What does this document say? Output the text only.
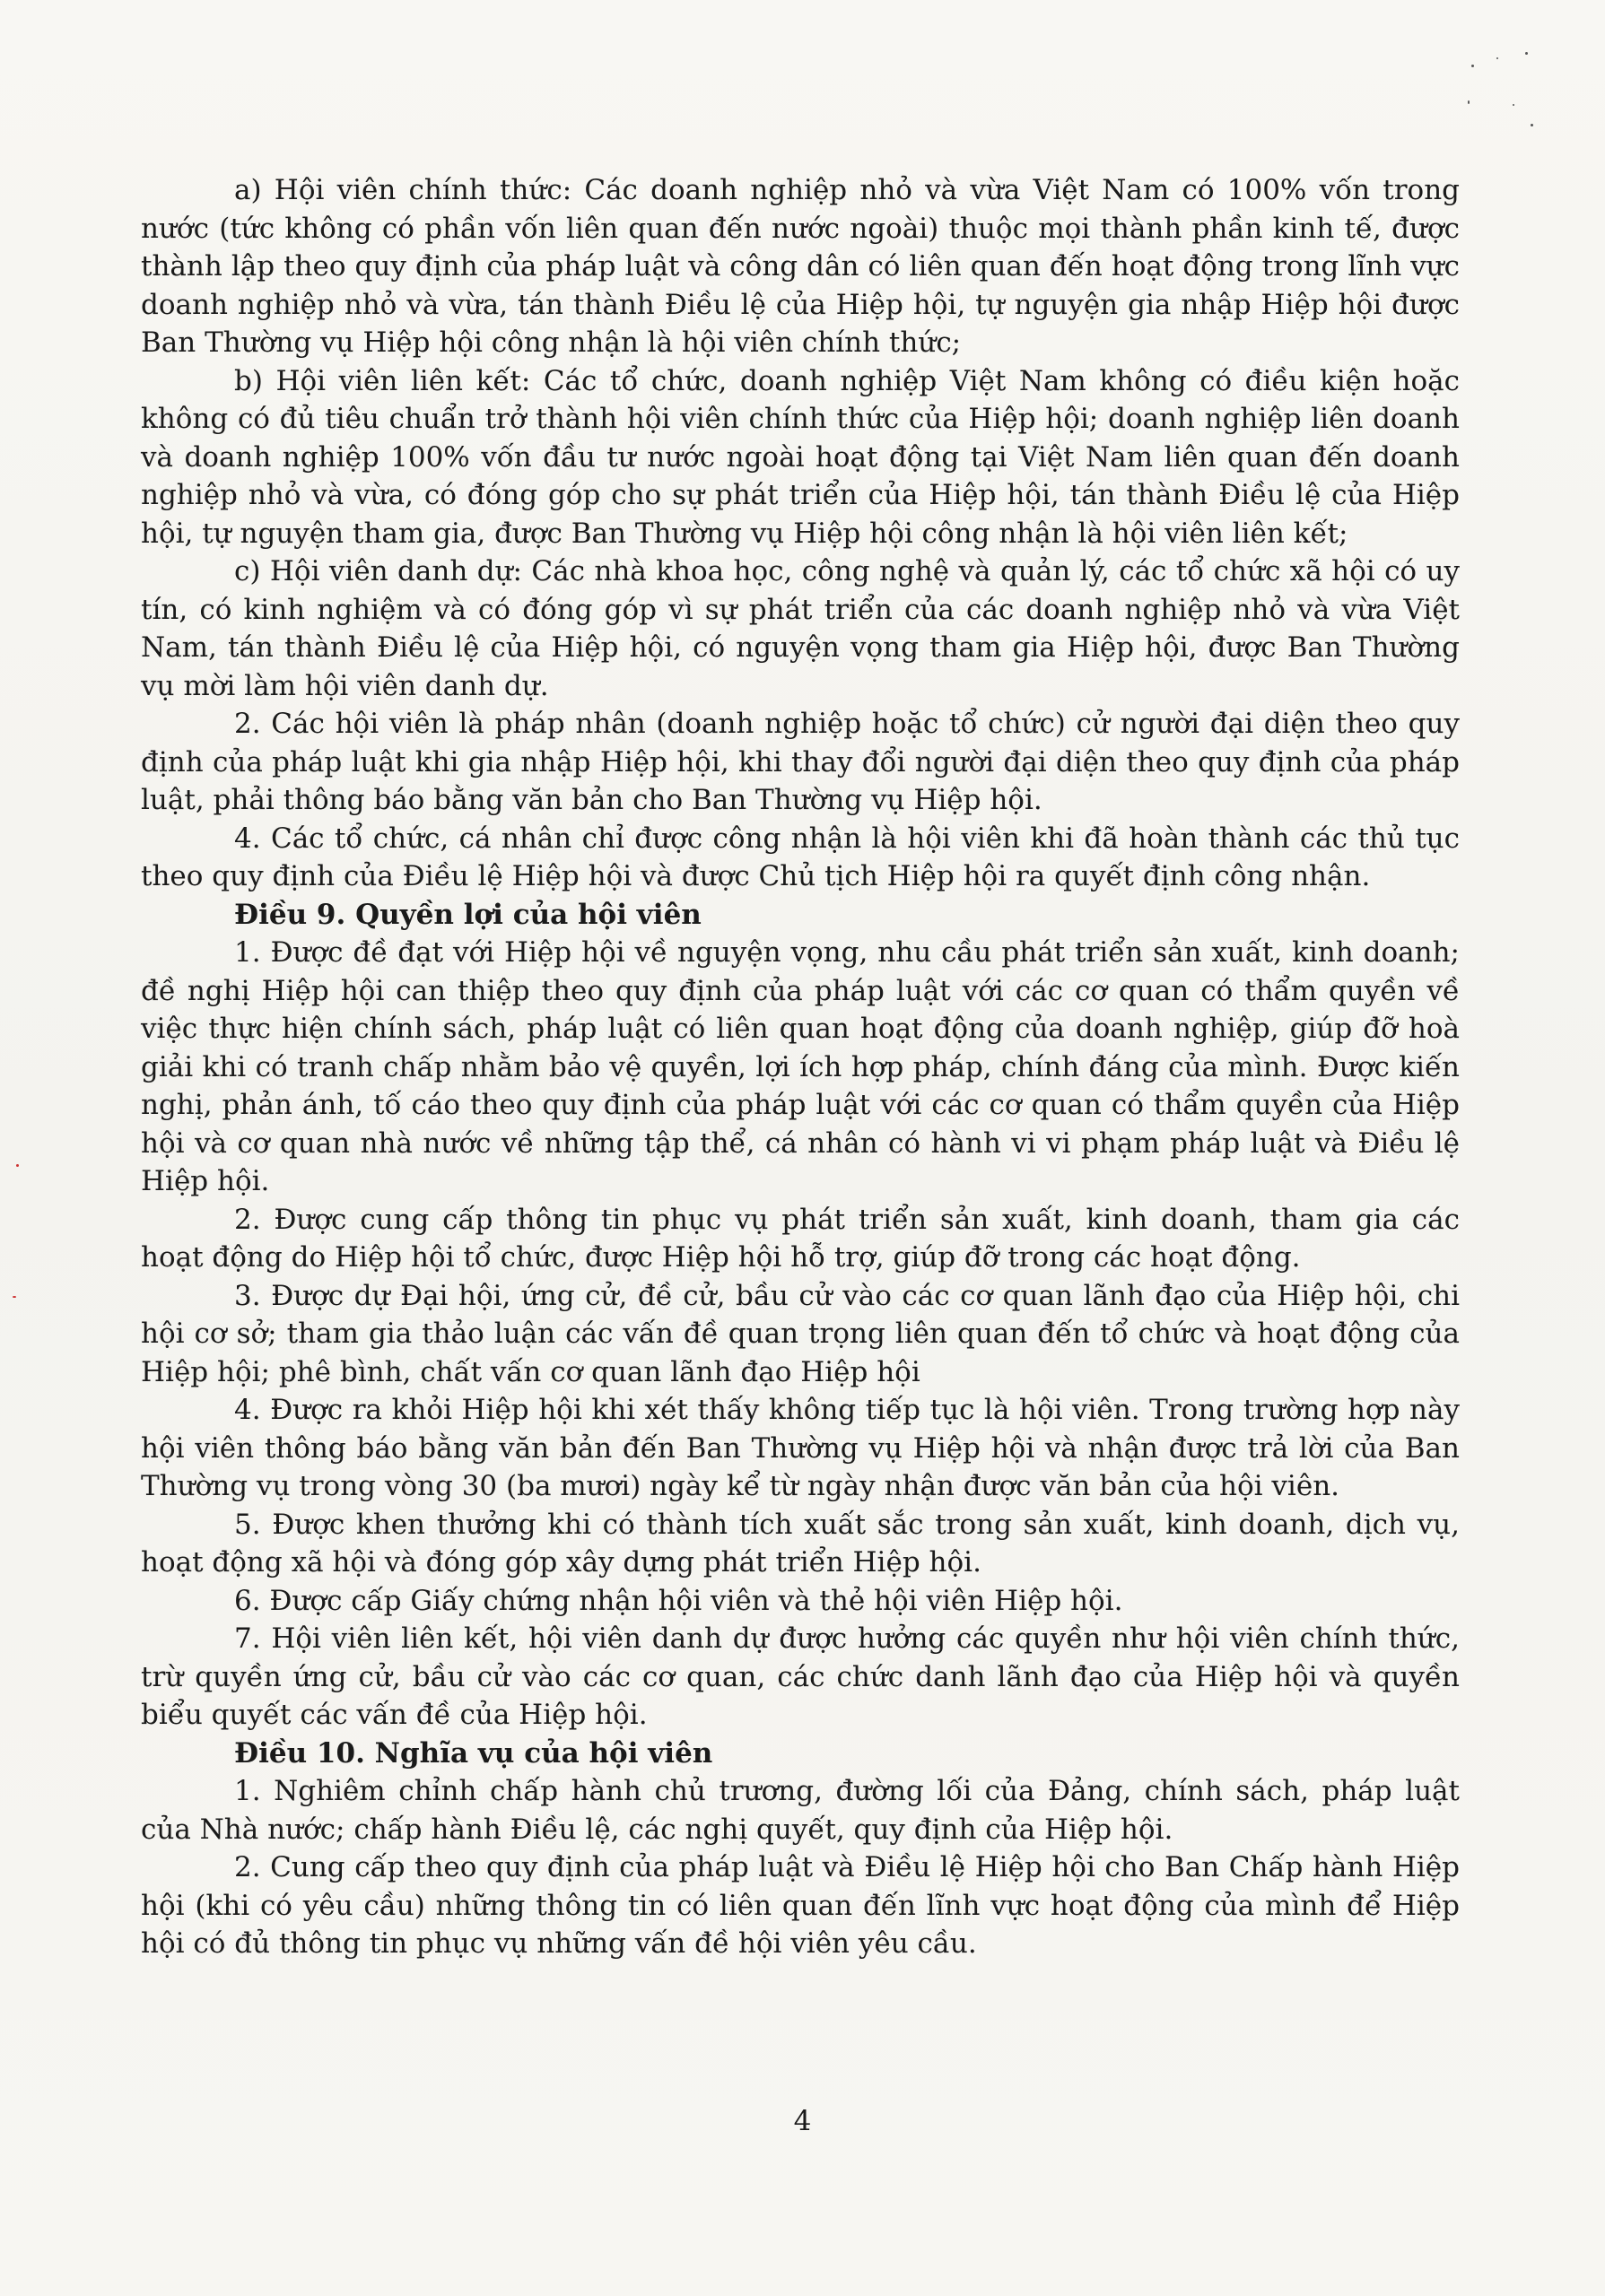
a) Hội viên chính thức: Các doanh nghiệp nhỏ và vừa Việt Nam có 100% vốn trong nước (tức không có phần vốn liên quan đến nước ngoài) thuộc mọi thành phần kinh tế, được thành lập theo quy định của pháp luật và công dân có liên quan đến hoạt động trong lĩnh vực doanh nghiệp nhỏ và vừa, tán thành Điều lệ của Hiệp hội, tự nguyện gia nhập Hiệp hội được Ban Thường vụ Hiệp hội công nhận là hội viên chính thức;

b) Hội viên liên kết: Các tổ chức, doanh nghiệp Việt Nam không có điều kiện hoặc không có đủ tiêu chuẩn trở thành hội viên chính thức của Hiệp hội; doanh nghiệp liên doanh và doanh nghiệp 100% vốn đầu tư nước ngoài hoạt động tại Việt Nam liên quan đến doanh nghiệp nhỏ và vừa, có đóng góp cho sự phát triển của Hiệp hội, tán thành Điều lệ của Hiệp hội, tự nguyện tham gia, được Ban Thường vụ Hiệp hội công nhận là hội viên liên kết;

c) Hội viên danh dự: Các nhà khoa học, công nghệ và quản lý, các tổ chức xã hội có uy tín, có kinh nghiệm và có đóng góp vì sự phát triển của các doanh nghiệp nhỏ và vừa Việt Nam, tán thành Điều lệ của Hiệp hội, có nguyện vọng tham gia Hiệp hội, được Ban Thường vụ mời làm hội viên danh dự.

2. Các hội viên là pháp nhân (doanh nghiệp hoặc tổ chức) cử người đại diện theo quy định của pháp luật khi gia nhập Hiệp hội, khi thay đổi người đại diện theo quy định của pháp luật, phải thông báo bằng văn bản cho Ban Thường vụ Hiệp hội.

4. Các tổ chức, cá nhân chỉ được công nhận là hội viên khi đã hoàn thành các thủ tục theo quy định của Điều lệ Hiệp hội và được Chủ tịch Hiệp hội ra quyết định công nhận.

Điều 9. Quyền lợi của hội viên

1. Được đề đạt với Hiệp hội về nguyện vọng, nhu cầu phát triển sản xuất, kinh doanh; đề nghị Hiệp hội can thiệp theo quy định của pháp luật với các cơ quan có thẩm quyền về việc thực hiện chính sách, pháp luật có liên quan hoạt động của doanh nghiệp, giúp đỡ hoà giải khi có tranh chấp nhằm bảo vệ quyền, lợi ích hợp pháp, chính đáng của mình. Được kiến nghị, phản ánh, tố cáo theo quy định của pháp luật với các cơ quan có thẩm quyền của Hiệp hội và cơ quan nhà nước về những tập thể, cá nhân có hành vi vi phạm pháp luật và Điều lệ Hiệp hội.

2. Được cung cấp thông tin phục vụ phát triển sản xuất, kinh doanh, tham gia các hoạt động do Hiệp hội tổ chức, được Hiệp hội hỗ trợ, giúp đỡ trong các hoạt động.

3. Được dự Đại hội, ứng cử, đề cử, bầu cử vào các cơ quan lãnh đạo của Hiệp hội, chi hội cơ sở; tham gia thảo luận các vấn đề quan trọng liên quan đến tổ chức và hoạt động của Hiệp hội; phê bình, chất vấn cơ quan lãnh đạo Hiệp hội

4. Được ra khỏi Hiệp hội khi xét thấy không tiếp tục là hội viên. Trong trường hợp này hội viên thông báo bằng văn bản đến Ban Thường vụ Hiệp hội và nhận được trả lời của Ban Thường vụ trong vòng 30 (ba mươi) ngày kể từ ngày nhận được văn bản của hội viên.

5. Được khen thưởng khi có thành tích xuất sắc trong sản xuất, kinh doanh, dịch vụ, hoạt động xã hội và đóng góp xây dựng phát triển Hiệp hội.

6. Được cấp Giấy chứng nhận hội viên và thẻ hội viên Hiệp hội.

7. Hội viên liên kết, hội viên danh dự được hưởng các quyền như hội viên chính thức, trừ quyền ứng cử, bầu cử vào các cơ quan, các chức danh lãnh đạo của Hiệp hội và quyền biểu quyết các vấn đề của Hiệp hội.

Điều 10. Nghĩa vụ của hội viên

1. Nghiêm chỉnh chấp hành chủ trương, đường lối của Đảng, chính sách, pháp luật của Nhà nước; chấp hành Điều lệ, các nghị quyết, quy định của Hiệp hội.

2. Cung cấp theo quy định của pháp luật và Điều lệ Hiệp hội cho Ban Chấp hành Hiệp hội (khi có yêu cầu) những thông tin có liên quan đến lĩnh vực hoạt động của mình để Hiệp hội có đủ thông tin phục vụ những vấn đề hội viên yêu cầu.

4
